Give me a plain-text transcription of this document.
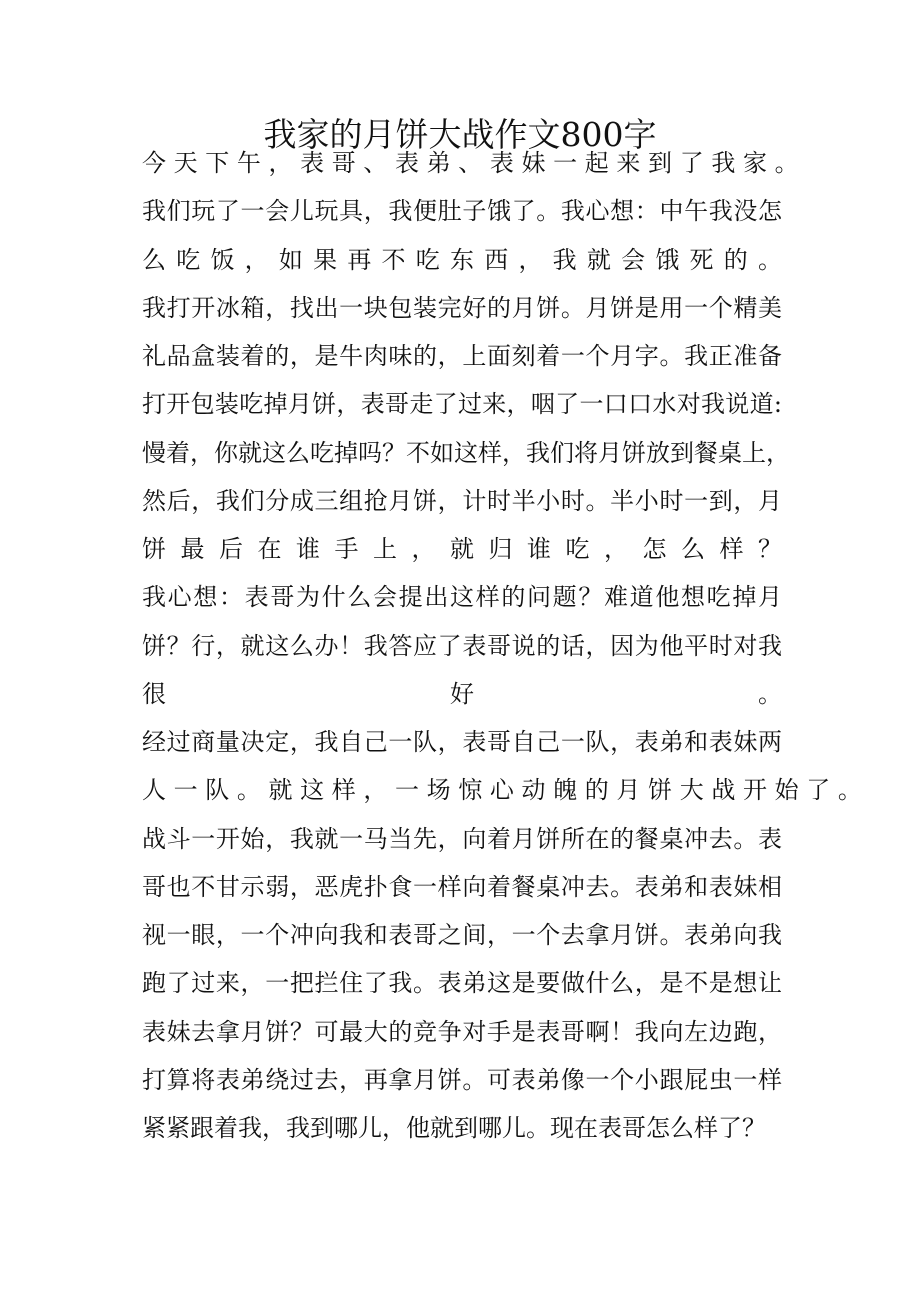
我家的月饼大战作文800字
今 天 下 午 ， 表 哥 、 表 弟 、 表 妹 一 起 来 到 了 我 家 。
我们玩了一会儿玩具，我便肚子饿了。我心想：中午我没怎
么 吃 饭 ， 如 果 再 不 吃 东 西 ， 我 就 会 饿 死 的 。
我打开冰箱，找出一块包装完好的月饼。月饼是用一个精美
礼品盒装着的，是牛肉味的，上面刻着一个月字。我正准备
打开包装吃掉月饼，表哥走了过来，咽了一口口水对我说道:
慢着，你就这么吃掉吗？不如这样，我们将月饼放到餐桌上，
然后，我们分成三组抢月饼，计时半小时。半小时一到，月
饼 最 后 在 谁 手 上 ， 就 归 谁 吃 ， 怎 么 样 ？
我心想：表哥为什么会提出这样的问题？难道他想吃掉月
饼？行，就这么办！我答应了表哥说的话，因为他平时对我
很 好 。
经过商量决定，我自己一队，表哥自己一队，表弟和表妹两
人 一 队 。 就 这 样 ， 一 场 惊 心 动 魄 的 月 饼 大 战 开 始 了 。
战斗一开始，我就一马当先，向着月饼所在的餐桌冲去。表
哥也不甘示弱，恶虎扑食一样向着餐桌冲去。表弟和表妹相
视一眼，一个冲向我和表哥之间，一个去拿月饼。表弟向我
跑了过来，一把拦住了我。表弟这是要做什么，是不是想让
表妹去拿月饼？可最大的竞争对手是表哥啊！我向左边跑，
打算将表弟绕过去，再拿月饼。可表弟像一个小跟屁虫一样
紧紧跟着我，我到哪儿，他就到哪儿。现在表哥怎么样了？
